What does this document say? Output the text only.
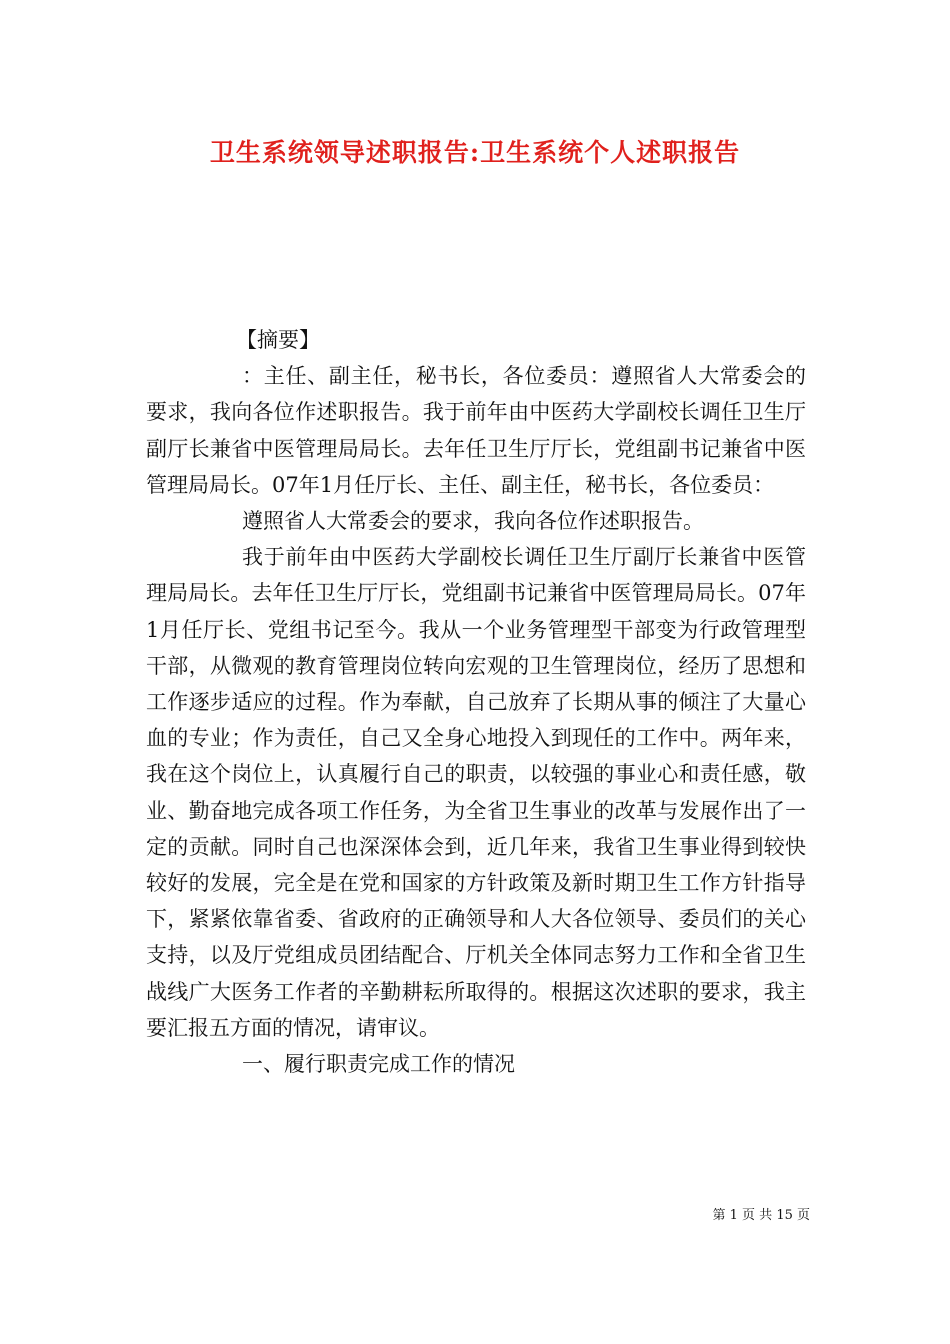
卫生系统领导述职报告:卫生系统个人述职报告

【摘要】

：主任、副主任，秘书长，各位委员：遵照省人大常委会的要求，我向各位作述职报告。我于前年由中医药大学副校长调任卫生厅副厅长兼省中医管理局局长。去年任卫生厅厅长，党组副书记兼省中医管理局局长。07年1月任厅长、主任、副主任，秘书长，各位委员：

遵照省人大常委会的要求，我向各位作述职报告。

我于前年由中医药大学副校长调任卫生厅副厅长兼省中医管理局局长。去年任卫生厅厅长，党组副书记兼省中医管理局局长。07年1月任厅长、党组书记至今。我从一个业务管理型干部变为行政管理型干部，从微观的教育管理岗位转向宏观的卫生管理岗位，经历了思想和工作逐步适应的过程。作为奉献，自己放弃了长期从事的倾注了大量心血的专业；作为责任，自己又全身心地投入到现任的工作中。两年来，我在这个岗位上，认真履行自己的职责，以较强的事业心和责任感，敬业、勤奋地完成各项工作任务，为全省卫生事业的改革与发展作出了一定的贡献。同时自己也深深体会到，近几年来，我省卫生事业得到较快较好的发展，完全是在党和国家的方针政策及新时期卫生工作方针指导下，紧紧依靠省委、省政府的正确领导和人大各位领导、委员们的关心支持，以及厅党组成员团结配合、厅机关全体同志努力工作和全省卫生战线广大医务工作者的辛勤耕耘所取得的。根据这次述职的要求，我主要汇报五方面的情况，请审议。

一、履行职责完成工作的情况

第 1 页 共 15 页
